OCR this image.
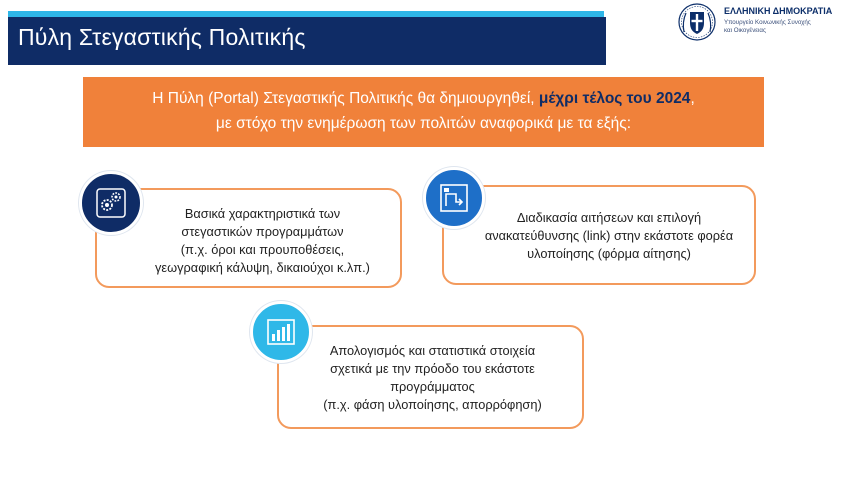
Πύλη Στεγαστικής Πολιτικής
ΕΛΛΗΝΙΚΗ ΔΗΜΟΚΡΑΤΙΑ
Υπουργείο Κοινωνικής Συνοχής
και Οικογένειας
Η Πύλη (Portal) Στεγαστικής Πολιτικής θα δημιουργηθεί, μέχρι τέλος του 2024,
με στόχο την ενημέρωση των πολιτών αναφορικά με τα εξής:
Βασικά χαρακτηριστικά των
στεγαστικών προγραμμάτων
(π.χ. όροι και προυποθέσεις,
γεωγραφική κάλυψη, δικαιούχοι κ.λπ.)
Διαδικασία αιτήσεων και επιλογή
ανακατεύθυνσης (link) στην εκάστοτε φορέα
υλοποίησης (φόρμα αίτησης)
Απολογισμός και στατιστικά στοιχεία
σχετικά με την πρόοδο του εκάστοτε
προγράμματος
(π.χ. φάση υλοποίησης, απορρόφηση)
